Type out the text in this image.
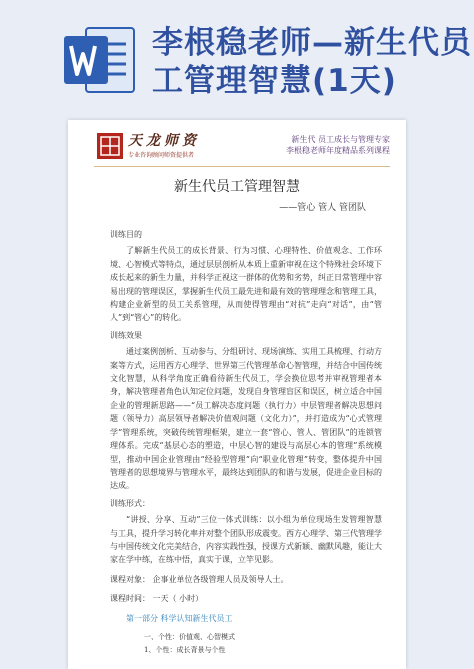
李根稳老师—新生代员工管理智慧(1天)
天龙师资
专业咨询顾问师资提供者
新生代 员工成长与管理专家
李根稳老师年度精品系列课程
新生代员工管理智慧
——管心 管人 管团队

训练目的

了解新生代员工的成长背景、行为习惯、心理特性、价值观念、工作环境、心智模式等特点，通过层层剖析从本质上重新审视在这个特殊社会环境下成长起来的新生力量，并科学正视这一群体的优势和劣势，纠正日常管理中容易出现的管理误区，掌握新生代员工最先进和最有效的管理理念和管理工具，构建企业新型的员工关系管理，从而使得管理由“对抗”走向“对话”，由“管人”到“管心”的转化。

训练效果

通过案例剖析、互动参与、分组研讨、现场演练、实用工具梳理、行动方案等方式，运用西方心理学、世界第三代管理革命心智管理，并结合中国传统文化智慧，从科学角度正确看待新生代员工，学会换位思考并审视管理者本身，解决管理者角色认知定位问题，发现自身管理盲区和误区，树立适合中国企业的管理新思路——“员工解决态度问题（执行力）中层管理者解决思想问题（领导力）高层领导者解决价值观问题（文化力）”，并打造成为“心式管理学”管理系统，突破传统管理框架，建立一套“管心、管人、管团队”的连锁管理体系。完成“基层心态的塑造，中层心智的建设与高层心本的管理”系统模型，推动中国企业管理由“经验型管理”向“职业化管理”转变，整体提升中国管理者的思想境界与管理水平，最终达到团队的和谐与发展，促进企业目标的达成。

训练形式：

“讲授、分享、互动”三位一体式训练：以小组为单位现场生发管理智慧与工具，提升学习转化率并对整个团队形成震变。西方心理学、第三代管理学与中国传统文化完美结合，内容实践性强，授课方式新颖、幽默风趣，能让大家在学中练，在练中悟，真实于课，立竿见影。

课程对象： 企事业单位各级管理人员及领导人士。

课程时间： 一天（ 小时）

第一部分 科学认知新生代员工

一、个性：价值观、心智模式

1、个性：成长背景与个性
